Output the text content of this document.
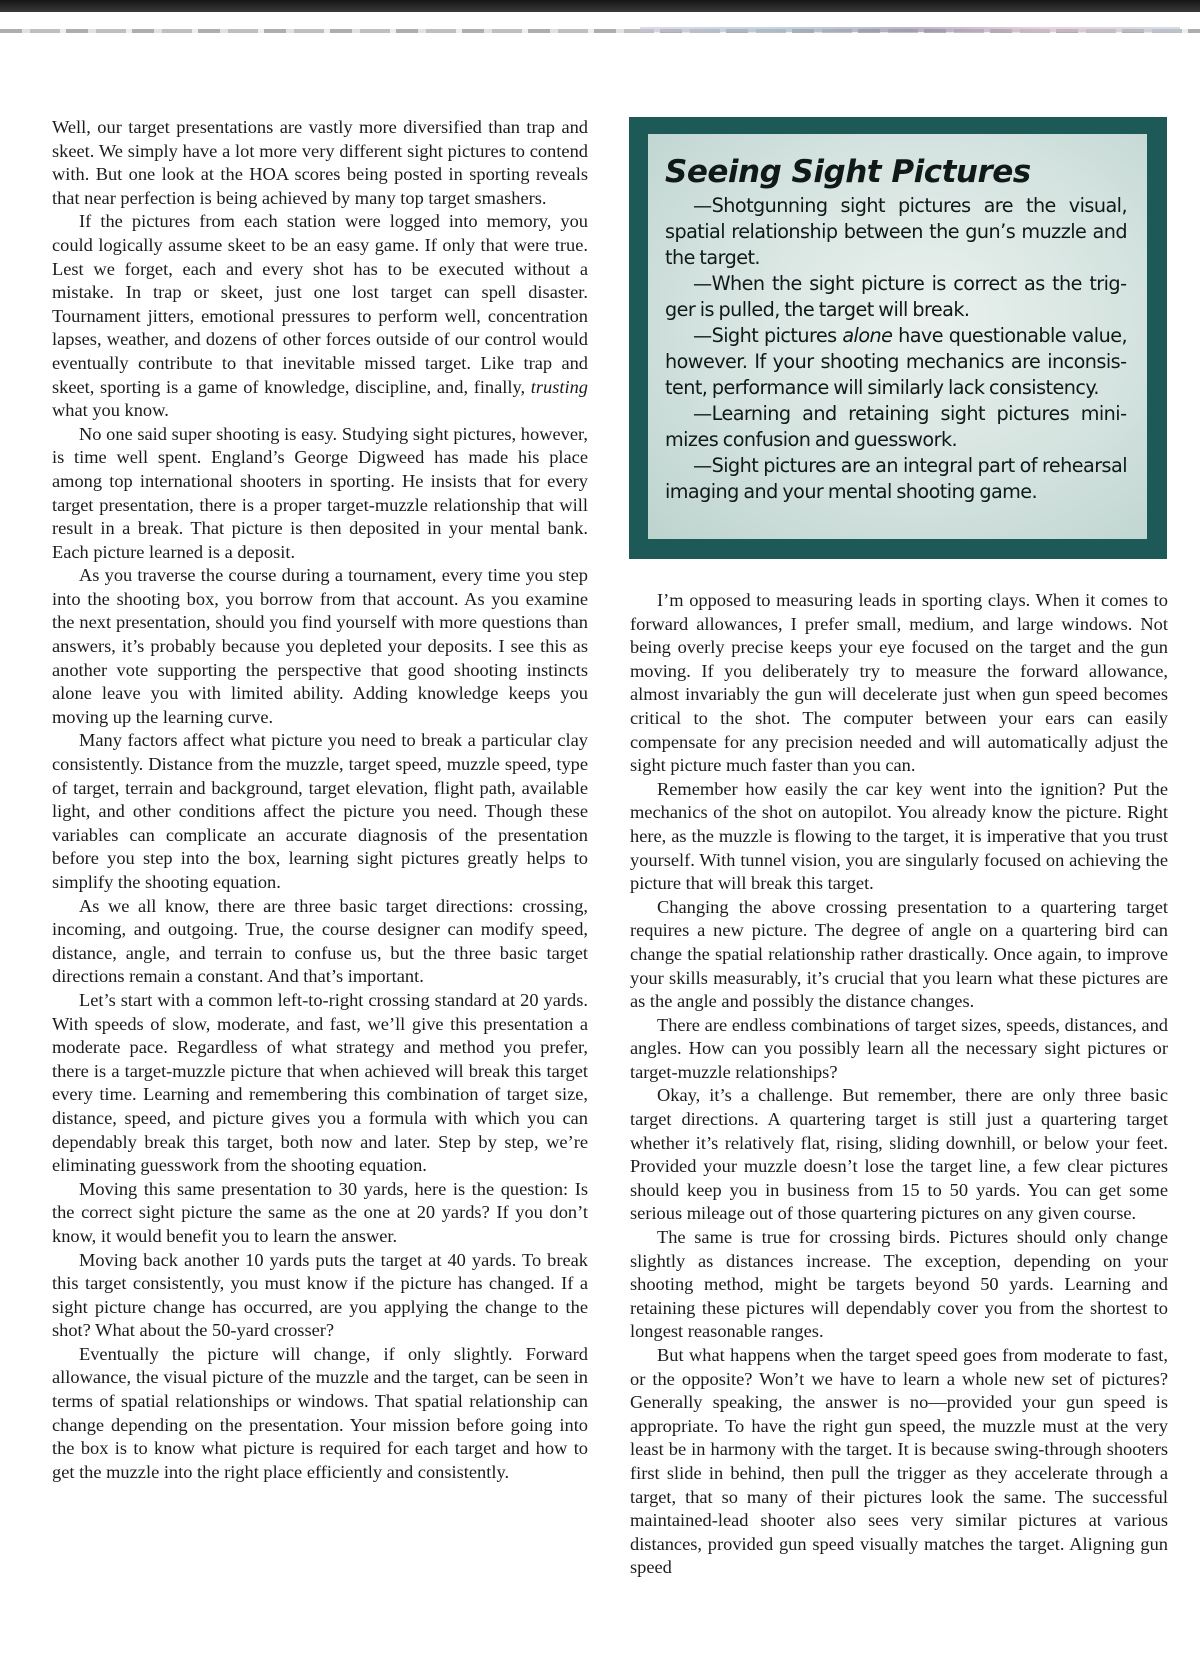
Well, our target presentations are vastly more diversified than trap and skeet. We simply have a lot more very different sight pictures to contend with. But one look at the HOA scores being posted in sporting reveals that near perfection is being achieved by many top target smashers.

If the pictures from each station were logged into memory, you could logically assume skeet to be an easy game. If only that were true. Lest we forget, each and every shot has to be executed without a mistake. In trap or skeet, just one lost target can spell disaster. Tournament jitters, emotional pressures to perform well, concentration lapses, weather, and dozens of other forces outside of our control would eventually contribute to that inevitable missed target. Like trap and skeet, sporting is a game of knowledge, discipline, and, finally, trusting what you know.

No one said super shooting is easy. Studying sight pictures, however, is time well spent. England’s George Digweed has made his place among top international shooters in sporting. He insists that for every target presentation, there is a proper target-muzzle relationship that will result in a break. That picture is then deposited in your mental bank. Each picture learned is a deposit.

As you traverse the course during a tournament, every time you step into the shooting box, you borrow from that account. As you examine the next presentation, should you find yourself with more questions than answers, it’s probably because you depleted your deposits. I see this as another vote supporting the perspective that good shooting instincts alone leave you with limited ability. Adding knowledge keeps you moving up the learning curve.

Many factors affect what picture you need to break a particular clay consistently. Distance from the muzzle, target speed, muzzle speed, type of target, terrain and background, target elevation, flight path, available light, and other conditions affect the picture you need. Though these variables can complicate an accurate diagnosis of the presentation before you step into the box, learning sight pictures greatly helps to simplify the shooting equation.

As we all know, there are three basic target directions: crossing, incoming, and outgoing. True, the course designer can modify speed, distance, angle, and terrain to confuse us, but the three basic target directions remain a constant. And that’s important.

Let’s start with a common left-to-right crossing standard at 20 yards. With speeds of slow, moderate, and fast, we’ll give this presentation a moderate pace. Regardless of what strategy and method you prefer, there is a target-muzzle picture that when achieved will break this target every time. Learning and remembering this combination of target size, distance, speed, and picture gives you a formula with which you can dependably break this target, both now and later. Step by step, we’re eliminating guesswork from the shooting equation.

Moving this same presentation to 30 yards, here is the question: Is the correct sight picture the same as the one at 20 yards? If you don’t know, it would benefit you to learn the answer.

Moving back another 10 yards puts the target at 40 yards. To break this target consistently, you must know if the picture has changed. If a sight picture change has occurred, are you applying the change to the shot? What about the 50-yard crosser?

Eventually the picture will change, if only slightly. Forward allowance, the visual picture of the muzzle and the target, can be seen in terms of spatial relationships or windows. That spatial relationship can change depending on the presentation. Your mission before going into the box is to know what picture is required for each target and how to get the muzzle into the right place efficiently and consistently.

Seeing Sight Pictures

—Shotgunning sight pictures are the visual, spatial relationship between the gun’s muzzle and the target.

—When the sight picture is correct as the trigger is pulled, the target will break.

—Sight pictures alone have questionable value, however. If your shooting mechanics are inconsistent, performance will similarly lack consistency.

—Learning and retaining sight pictures minimizes confusion and guesswork.

—Sight pictures are an integral part of rehearsal imaging and your mental shooting game.

I’m opposed to measuring leads in sporting clays. When it comes to forward allowances, I prefer small, medium, and large windows. Not being overly precise keeps your eye focused on the target and the gun moving. If you deliberately try to measure the forward allowance, almost invariably the gun will decelerate just when gun speed becomes critical to the shot. The computer between your ears can easily compensate for any precision needed and will automatically adjust the sight picture much faster than you can.

Remember how easily the car key went into the ignition? Put the mechanics of the shot on autopilot. You already know the picture. Right here, as the muzzle is flowing to the target, it is imperative that you trust yourself. With tunnel vision, you are singularly focused on achieving the picture that will break this target.

Changing the above crossing presentation to a quartering target requires a new picture. The degree of angle on a quartering bird can change the spatial relationship rather drastically. Once again, to improve your skills measurably, it’s crucial that you learn what these pictures are as the angle and possibly the distance changes.

There are endless combinations of target sizes, speeds, distances, and angles. How can you possibly learn all the necessary sight pictures or target-muzzle relationships?

Okay, it’s a challenge. But remember, there are only three basic target directions. A quartering target is still just a quartering target whether it’s relatively flat, rising, sliding downhill, or below your feet. Provided your muzzle doesn’t lose the target line, a few clear pictures should keep you in business from 15 to 50 yards. You can get some serious mileage out of those quartering pictures on any given course.

The same is true for crossing birds. Pictures should only change slightly as distances increase. The exception, depending on your shooting method, might be targets beyond 50 yards. Learning and retaining these pictures will dependably cover you from the shortest to longest reasonable ranges.

But what happens when the target speed goes from moderate to fast, or the opposite? Won’t we have to learn a whole new set of pictures? Generally speaking, the answer is no—provided your gun speed is appropriate. To have the right gun speed, the muzzle must at the very least be in harmony with the target. It is because swing-through shooters first slide in behind, then pull the trigger as they accelerate through a target, that so many of their pictures look the same. The successful maintained-lead shooter also sees very similar pictures at various distances, provided gun speed visually matches the target. Aligning gun speed
